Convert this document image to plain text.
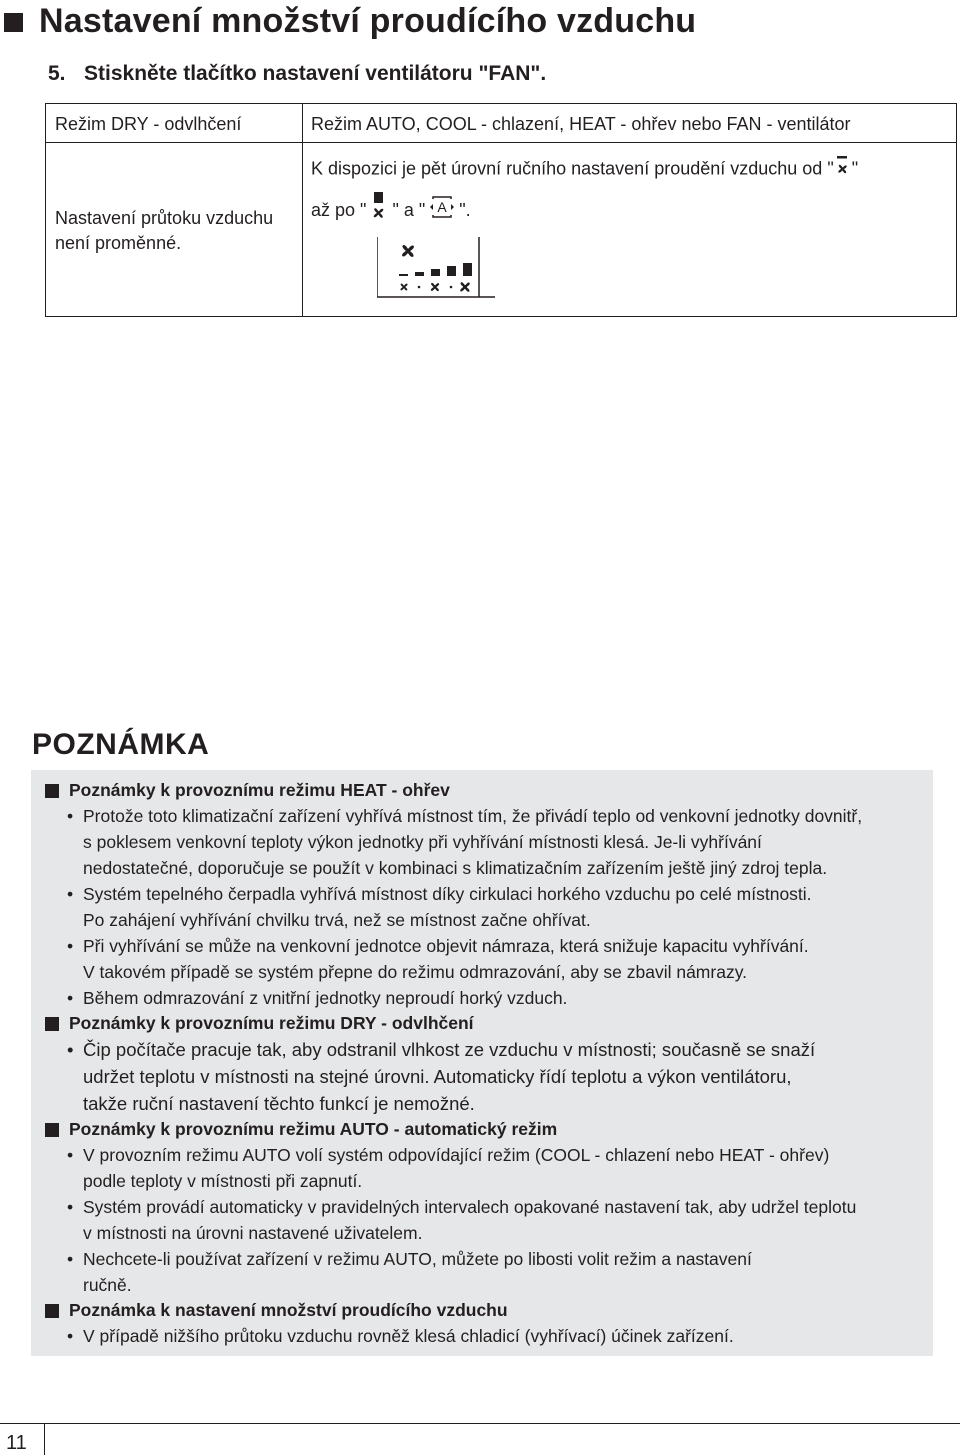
Nastavení množství proudícího vzduchu
5. Stiskněte tlačítko nastavení ventilátoru "FAN".
Režim DRY - odvlhčení	Režim AUTO, COOL - chlazení, HEAT - ohřev nebo FAN - ventilátor
Nastavení průtoku vzduchu není proměnné.
K dispozici je pět úrovní ručního nastavení proudění vzduchu od " "
až po " " a " A ".
POZNÁMKA
Poznámky k provoznímu režimu HEAT - ohřev
• Protože toto klimatizační zařízení vyhřívá místnost tím, že přivádí teplo od venkovní jednotky dovnitř,
s poklesem venkovní teploty výkon jednotky při vyhřívání místnosti klesá. Je-li vyhřívání
nedostatečné, doporučuje se použít v kombinaci s klimatizačním zařízením ještě jiný zdroj tepla.
• Systém tepelného čerpadla vyhřívá místnost díky cirkulaci horkého vzduchu po celé místnosti.
Po zahájení vyhřívání chvilku trvá, než se místnost začne ohřívat.
• Při vyhřívání se může na venkovní jednotce objevit námraza, která snižuje kapacitu vyhřívání.
V takovém případě se systém přepne do režimu odmrazování, aby se zbavil námrazy.
• Během odmrazování z vnitřní jednotky neproudí horký vzduch.
Poznámky k provoznímu režimu DRY - odvlhčení
• Čip počítače pracuje tak, aby odstranil vlhkost ze vzduchu v místnosti; současně se snaží
udržet teplotu v místnosti na stejné úrovni. Automaticky řídí teplotu a výkon ventilátoru,
takže ruční nastavení těchto funkcí je nemožné.
Poznámky k provoznímu režimu AUTO - automatický režim
• V provozním režimu AUTO volí systém odpovídající režim (COOL - chlazení nebo HEAT - ohřev)
podle teploty v místnosti při zapnutí.
• Systém provádí automaticky v pravidelných intervalech opakované nastavení tak, aby udržel teplotu
v místnosti na úrovni nastavené uživatelem.
• Nechcete-li používat zařízení v režimu AUTO, můžete po libosti volit režim a nastavení
ručně.
Poznámka k nastavení množství proudícího vzduchu
• V případě nižšího průtoku vzduchu rovněž klesá chladicí (vyhřívací) účinek zařízení.
11
